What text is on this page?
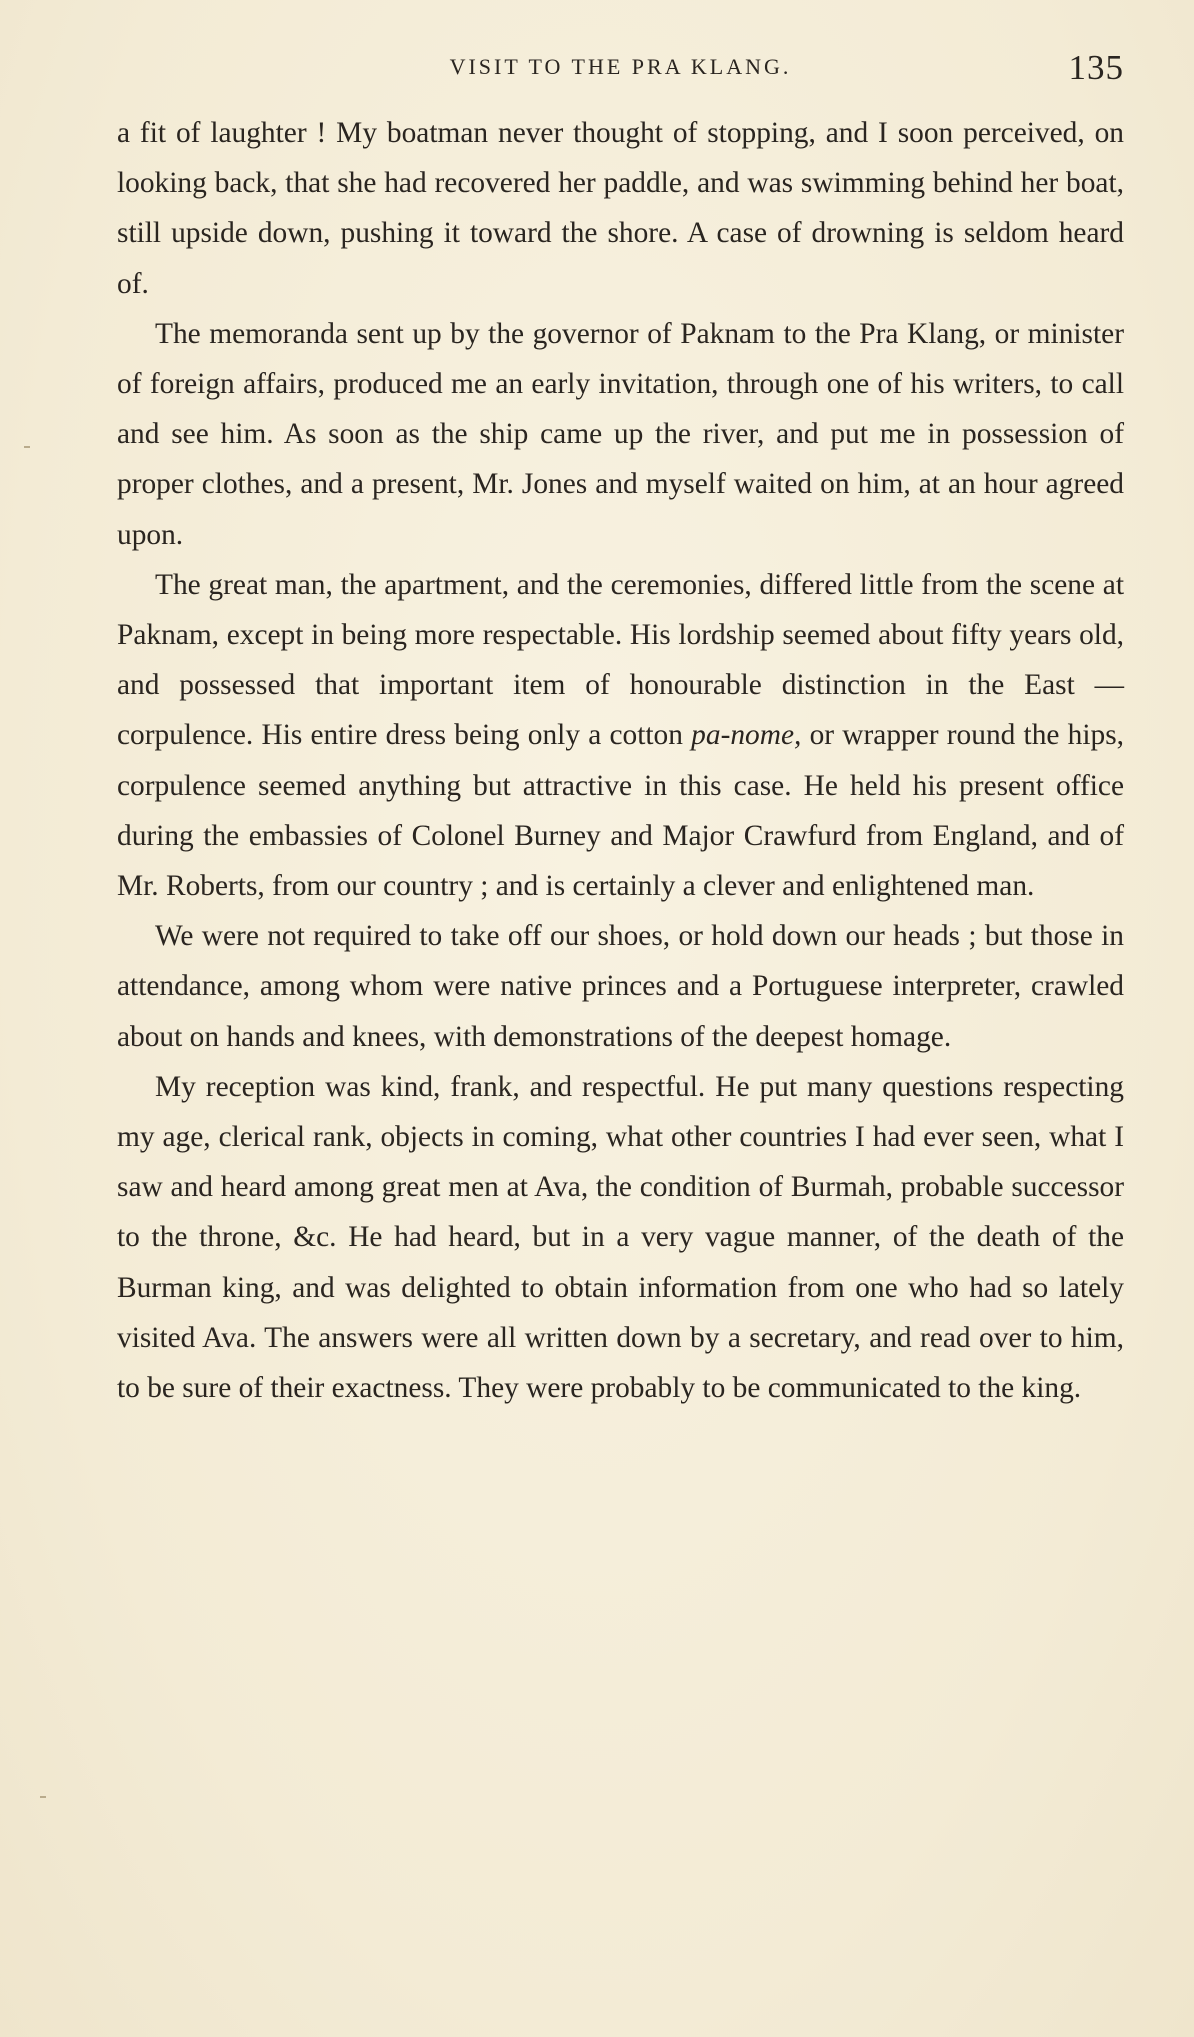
VISIT TO THE PRA KLANG.	135

a fit of laughter ! My boatman never thought of stopping, and I soon perceived, on looking back, that she had recovered her paddle, and was swimming behind her boat, still upside down, pushing it toward the shore. A case of drowning is seldom heard of.

The memoranda sent up by the governor of Paknam to the Pra Klang, or minister of foreign affairs, produced me an early invitation, through one of his writers, to call and see him. As soon as the ship came up the river, and put me in possession of proper clothes, and a present, Mr. Jones and myself waited on him, at an hour agreed upon.

The great man, the apartment, and the ceremonies, differed little from the scene at Paknam, except in being more respectable. His lordship seemed about fifty years old, and possessed that important item of honourable distinction in the East — corpulence. His entire dress being only a cotton pa-nome, or wrapper round the hips, corpulence seemed anything but attractive in this case. He held his present office during the embassies of Colonel Burney and Major Crawfurd from England, and of Mr. Roberts, from our country ; and is certainly a clever and enlightened man.

We were not required to take off our shoes, or hold down our heads ; but those in attendance, among whom were native princes and a Portuguese interpreter, crawled about on hands and knees, with demonstrations of the deepest homage.

My reception was kind, frank, and respectful. He put many questions respecting my age, clerical rank, objects in coming, what other countries I had ever seen, what I saw and heard among great men at Ava, the condition of Burmah, probable successor to the throne, &c. He had heard, but in a very vague manner, of the death of the Burman king, and was delighted to obtain information from one who had so lately visited Ava. The answers were all written down by a secretary, and read over to him, to be sure of their exactness. They were probably to be communicated to the king.
